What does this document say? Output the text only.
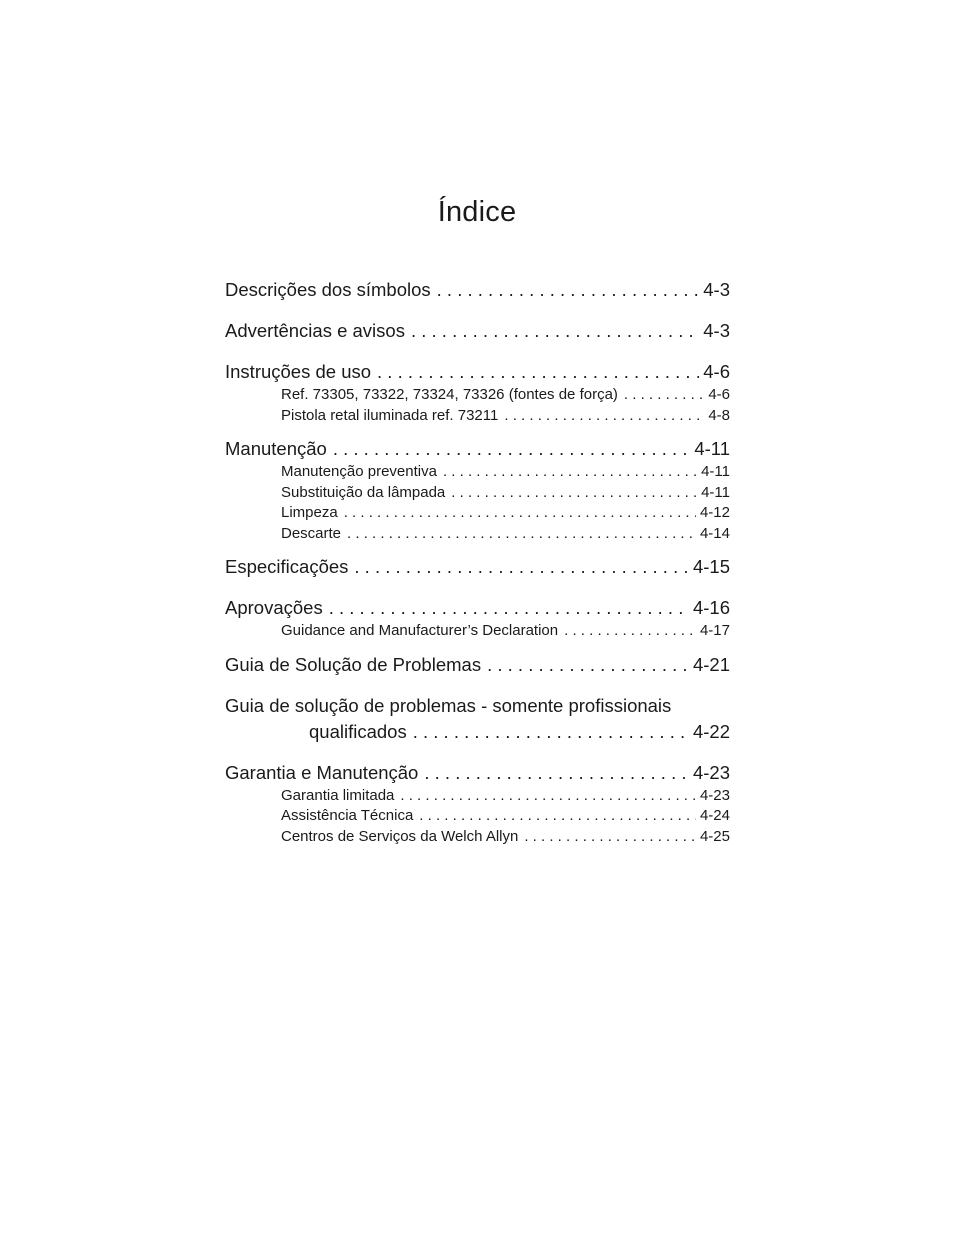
Índice
Descrições dos símbolos . . .	4-3
Advertências e avisos . . .	4-3
Instruções de uso . . .	4-6
Ref. 73305, 73322, 73324, 73326 (fontes de força) . . .	4-6
Pistola retal iluminada ref. 73211 . . .	4-8
Manutenção . . .	4-11
Manutenção preventiva . . .	4-11
Substituição da lâmpada . . .	4-11
Limpeza . . .	4-12
Descarte . . .	4-14
Especificações . . .	4-15
Aprovações . . .	4-16
Guidance and Manufacturer’s Declaration . . .	4-17
Guia de Solução de Problemas . . .	4-21
Guia de solução de problemas - somente profissionais
qualificados . . .	4-22
Garantia e Manutenção . . .	4-23
Garantia limitada . . .	4-23
Assistência Técnica . . .	4-24
Centros de Serviços da Welch Allyn . . .	4-25
